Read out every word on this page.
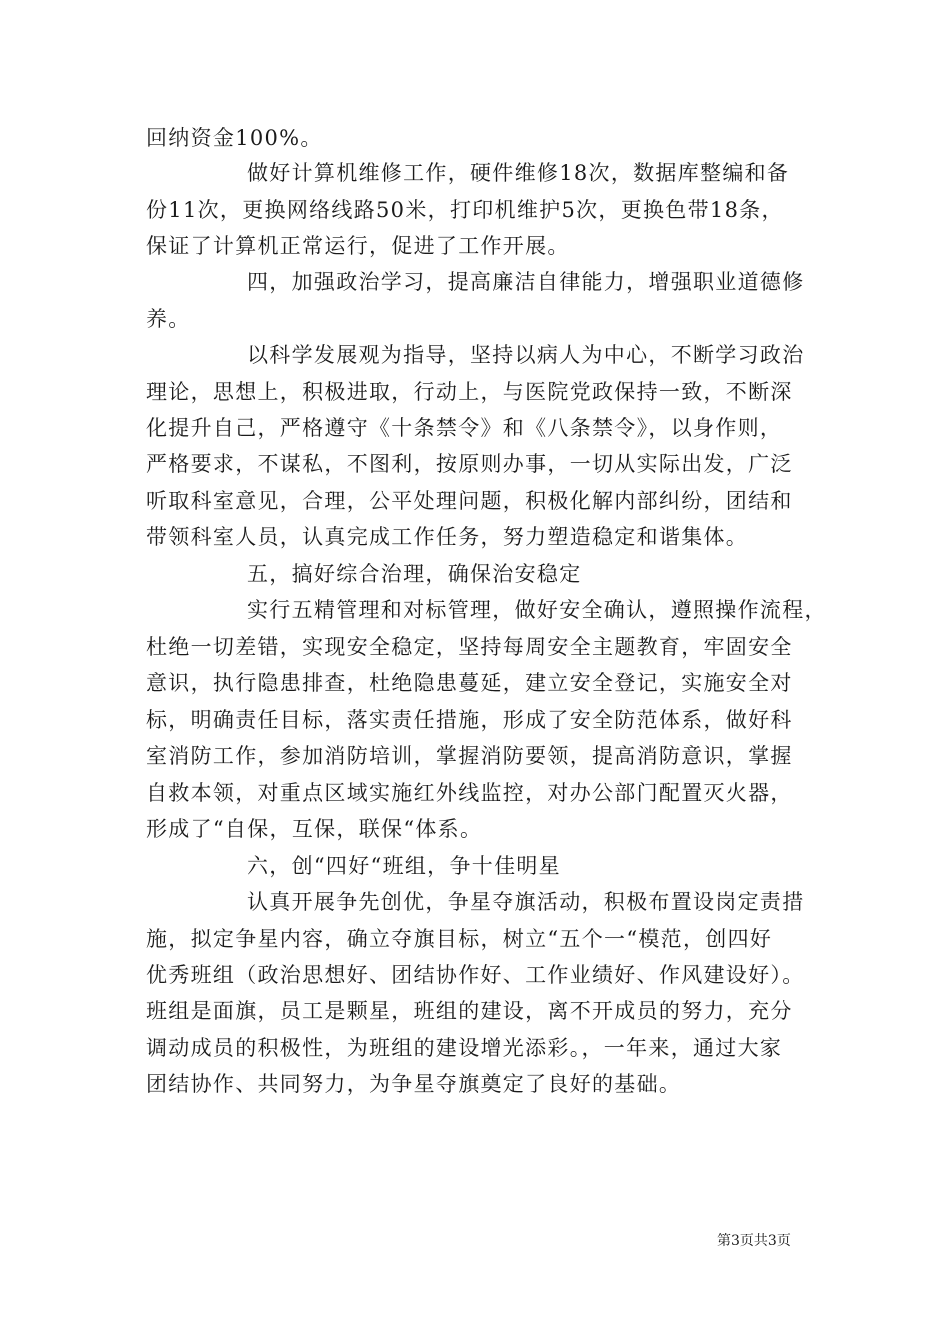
回纳资金100%。
做好计算机维修工作，硬件维修18次，数据库整编和备
份11次，更换网络线路50米，打印机维护5次，更换色带18条，
保证了计算机正常运行，促进了工作开展。
四，加强政治学习，提高廉洁自律能力，增强职业道德修
养。
以科学发展观为指导，坚持以病人为中心，不断学习政治
理论，思想上，积极进取，行动上，与医院党政保持一致，不断深
化提升自己，严格遵守《十条禁令》和《八条禁令》，以身作则，
严格要求，不谋私，不图利，按原则办事，一切从实际出发，广泛
听取科室意见，合理，公平处理问题，积极化解内部纠纷，团结和
带领科室人员，认真完成工作任务，努力塑造稳定和谐集体。
五，搞好综合治理，确保治安稳定
实行五精管理和对标管理，做好安全确认，遵照操作流程，
杜绝一切差错，实现安全稳定，坚持每周安全主题教育，牢固安全
意识，执行隐患排查，杜绝隐患蔓延，建立安全登记，实施安全对
标，明确责任目标，落实责任措施，形成了安全防范体系，做好科
室消防工作，参加消防培训，掌握消防要领，提高消防意识，掌握
自救本领，对重点区域实施红外线监控，对办公部门配置灭火器，
形成了“自保，互保，联保“体系。
六，创“四好“班组，争十佳明星
认真开展争先创优，争星夺旗活动，积极布置设岗定责措
施，拟定争星内容，确立夺旗目标，树立“五个一“模范，创四好
优秀班组（政治思想好、团结协作好、工作业绩好、作风建设好）。
班组是面旗，员工是颗星，班组的建设，离不开成员的努力，充分
调动成员的积极性，为班组的建设增光添彩。，一年来，通过大家
团结协作、共同努力，为争星夺旗奠定了良好的基础。
第3页共3页
